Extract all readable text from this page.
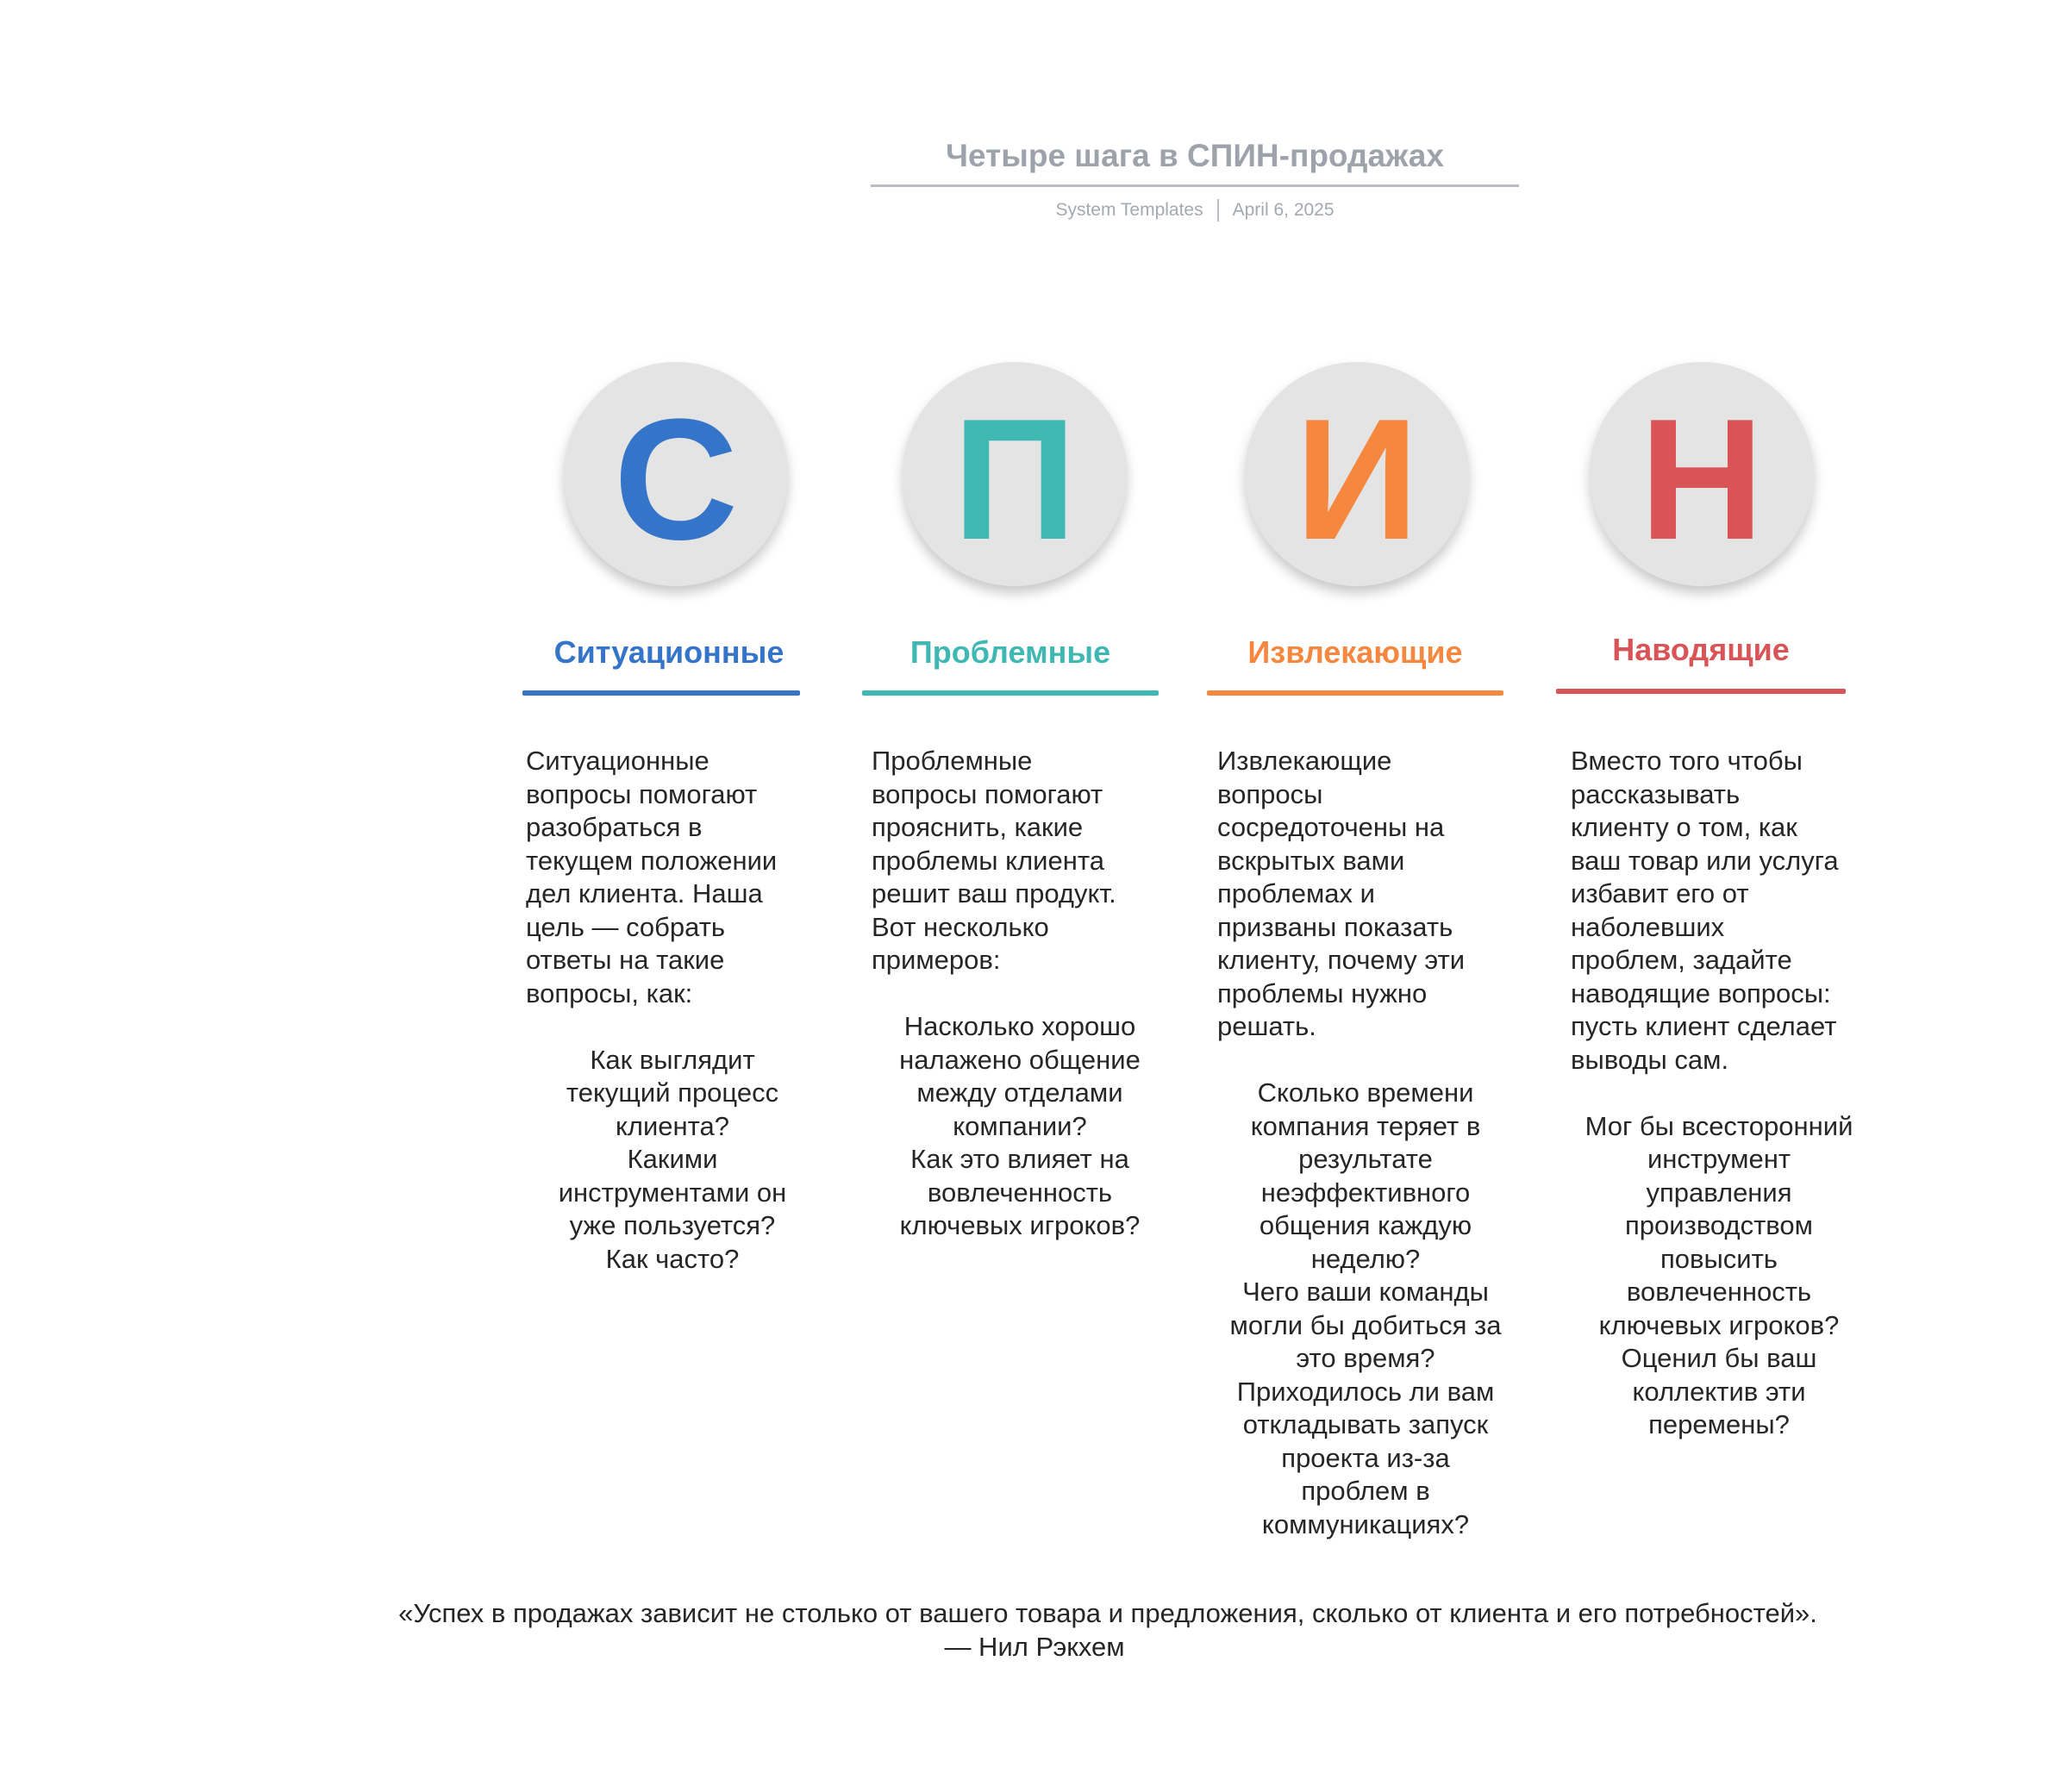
Четыре шага в СПИН-продажах
System Templates April 6, 2025
С
Ситуационные

Ситуационные

вопросы помогают

разобраться в

текущем положении

дел клиента. Наша

цель — собрать

ответы на такие

вопросы, как:

Как выглядит

текущий процесс

клиента?

Какими

инструментами он

уже пользуется?

Как часто?

П
Проблемные

Проблемные

вопросы помогают

прояснить, какие

проблемы клиента

решит ваш продукт.

Вот несколько

примеров:

Насколько хорошо

налажено общение

между отделами

компании?

Как это влияет на

вовлеченность

ключевых игроков?

И
Извлекающие

Извлекающие

вопросы

сосредоточены на

вскрытых вами

проблемах и

призваны показать

клиенту, почему эти

проблемы нужно

решать.

Сколько времени

компания теряет в

результате

неэффективного

общения каждую

неделю?

Чего ваши команды

могли бы добиться за

это время?

Приходилось ли вам

откладывать запуск

проекта из-за

проблем в

коммуникациях?

Н
Наводящие

Вместо того чтобы

рассказывать

клиенту о том, как

ваш товар или услуга

избавит его от

наболевших

проблем, задайте

наводящие вопросы:

пусть клиент сделает

выводы сам.

Мог бы всесторонний

инструмент

управления

производством

повысить

вовлеченность

ключевых игроков?

Оценил бы ваш

коллектив эти

перемены?

«Успех в продажах зависит не столько от вашего товара и предложения, сколько от клиента и его потребностей».
— Нил Рэкхем
